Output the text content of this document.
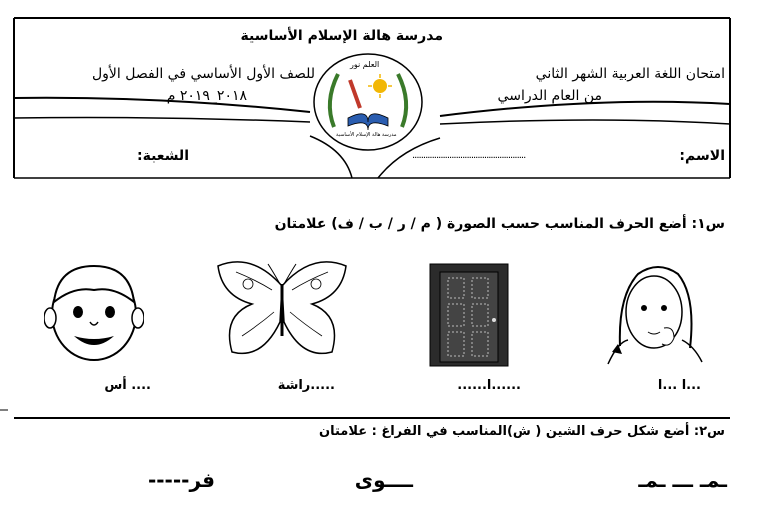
العلم نور
مدرسة هالة الإسلام الأساسية
مدرسة هالة الإسلام الأساسية
امتحان اللغة العربية الشهر الثاني
للصف الأول الأساسي في الفصل الأول
من العام الدراسي
٢٠١٨_٢٠١٩ م
الاسم:
....................................................
الشعبة:
س١: أضع الحرف المناسب حسب الصورة ( م / ر / ب / ف) علامتان
...ا ...ا
......ا......
.....راشة
.... أس
س٢: أضع شكل حرف الشين ( ش)المناسب في الفراغ : علامتان
ـمـ ـــ ـمـ
ــــوى
فر-----
